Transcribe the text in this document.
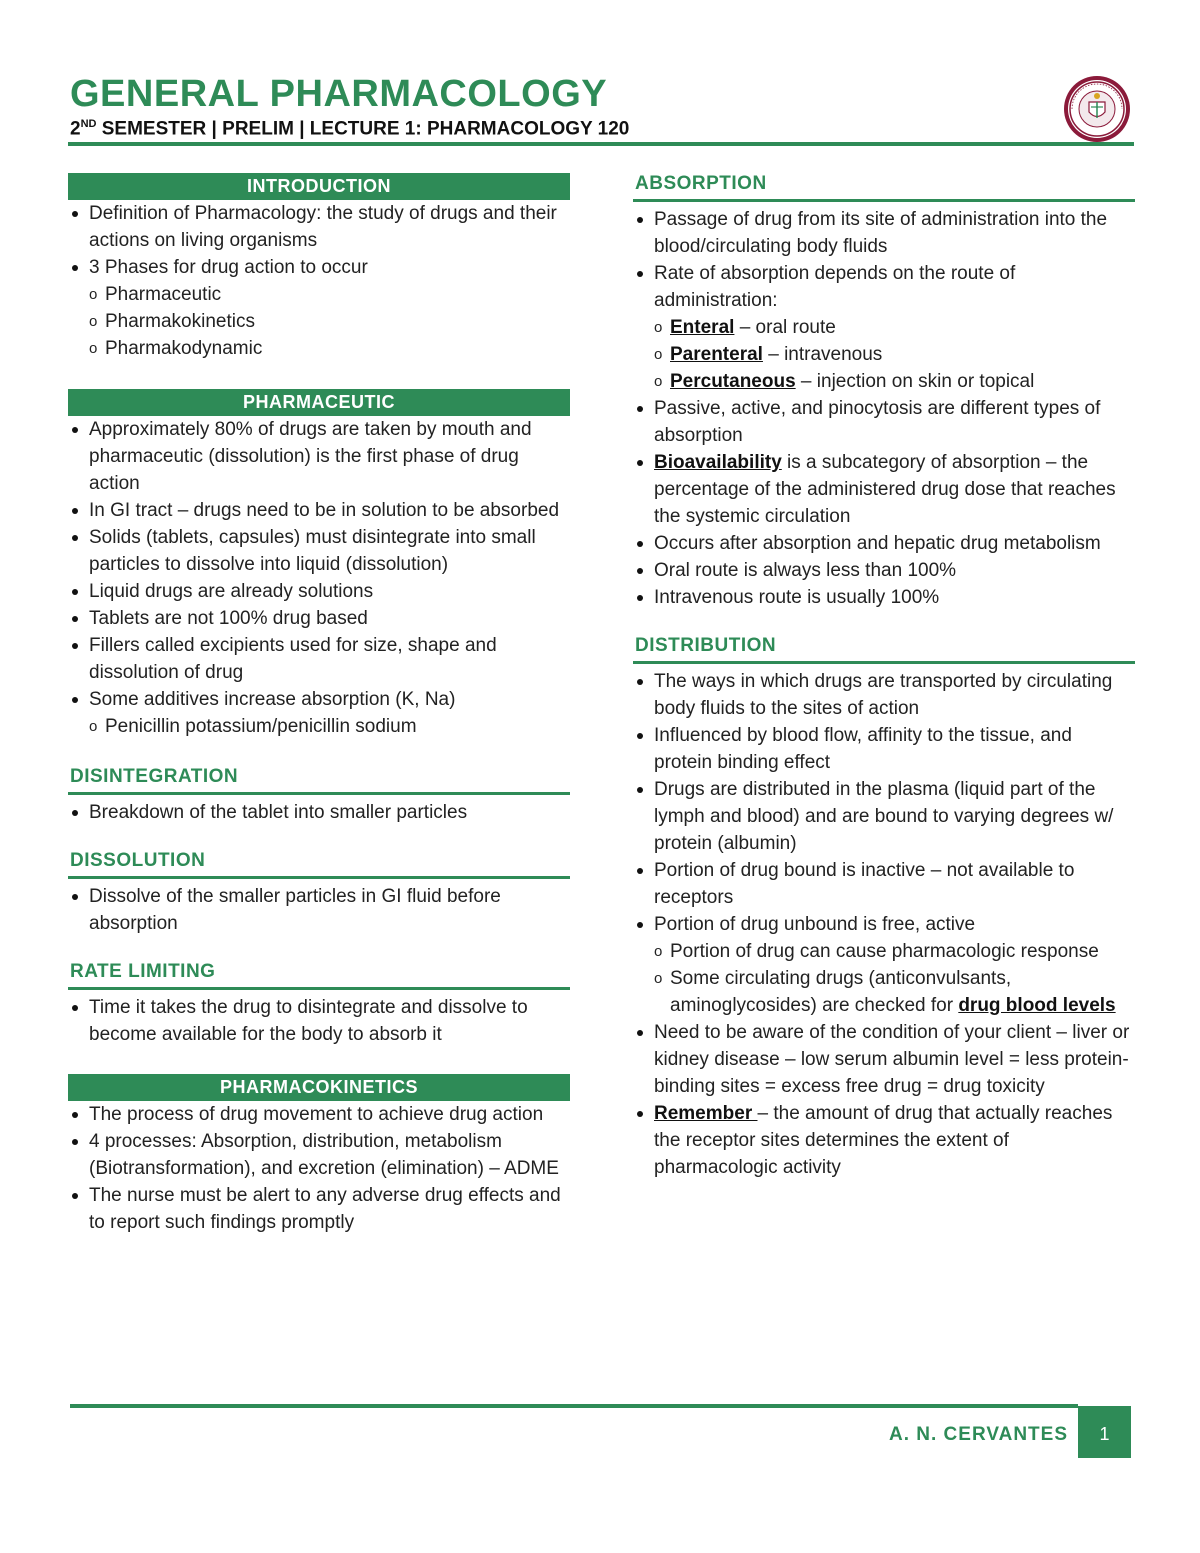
GENERAL PHARMACOLOGY
2ND SEMESTER | PRELIM | LECTURE 1: PHARMACOLOGY 120
INTRODUCTION
Definition of Pharmacology: the study of drugs and their actions on living organisms
3 Phases for drug action to occur
o Pharmaceutic
o Pharmakokinetics
o Pharmakodynamic
PHARMACEUTIC
Approximately 80% of drugs are taken by mouth and pharmaceutic (dissolution) is the first phase of drug action
In GI tract – drugs need to be in solution to be absorbed
Solids (tablets, capsules) must disintegrate into small particles to dissolve into liquid (dissolution)
Liquid drugs are already solutions
Tablets are not 100% drug based
Fillers called excipients used for size, shape and dissolution of drug
Some additives increase absorption (K, Na)
o Penicillin potassium/penicillin sodium
DISINTEGRATION
Breakdown of the tablet into smaller particles
DISSOLUTION
Dissolve of the smaller particles in GI fluid before absorption
RATE LIMITING
Time it takes the drug to disintegrate and dissolve to become available for the body to absorb it
PHARMACOKINETICS
The process of drug movement to achieve drug action
4 processes: Absorption, distribution, metabolism (Biotransformation), and excretion (elimination) – ADME
The nurse must be alert to any adverse drug effects and to report such findings promptly
ABSORPTION
Passage of drug from its site of administration into the blood/circulating body fluids
Rate of absorption depends on the route of administration:
o Enteral – oral route
o Parenteral – intravenous
o Percutaneous – injection on skin or topical
Passive, active, and pinocytosis are different types of absorption
Bioavailability is a subcategory of absorption – the percentage of the administered drug dose that reaches the systemic circulation
Occurs after absorption and hepatic drug metabolism
Oral route is always less than 100%
Intravenous route is usually 100%
DISTRIBUTION
The ways in which drugs are transported by circulating body fluids to the sites of action
Influenced by blood flow, affinity to the tissue, and protein binding effect
Drugs are distributed in the plasma (liquid part of the lymph and blood) and are bound to varying degrees w/ protein (albumin)
Portion of drug bound is inactive – not available to receptors
Portion of drug unbound is free, active
o Portion of drug can cause pharmacologic response
o Some circulating drugs (anticonvulsants, aminoglycosides) are checked for drug blood levels
Need to be aware of the condition of your client – liver or kidney disease – low serum albumin level = less protein-binding sites = excess free drug = drug toxicity
Remember – the amount of drug that actually reaches the receptor sites determines the extent of pharmacologic activity
A. N. CERVANTES	1
